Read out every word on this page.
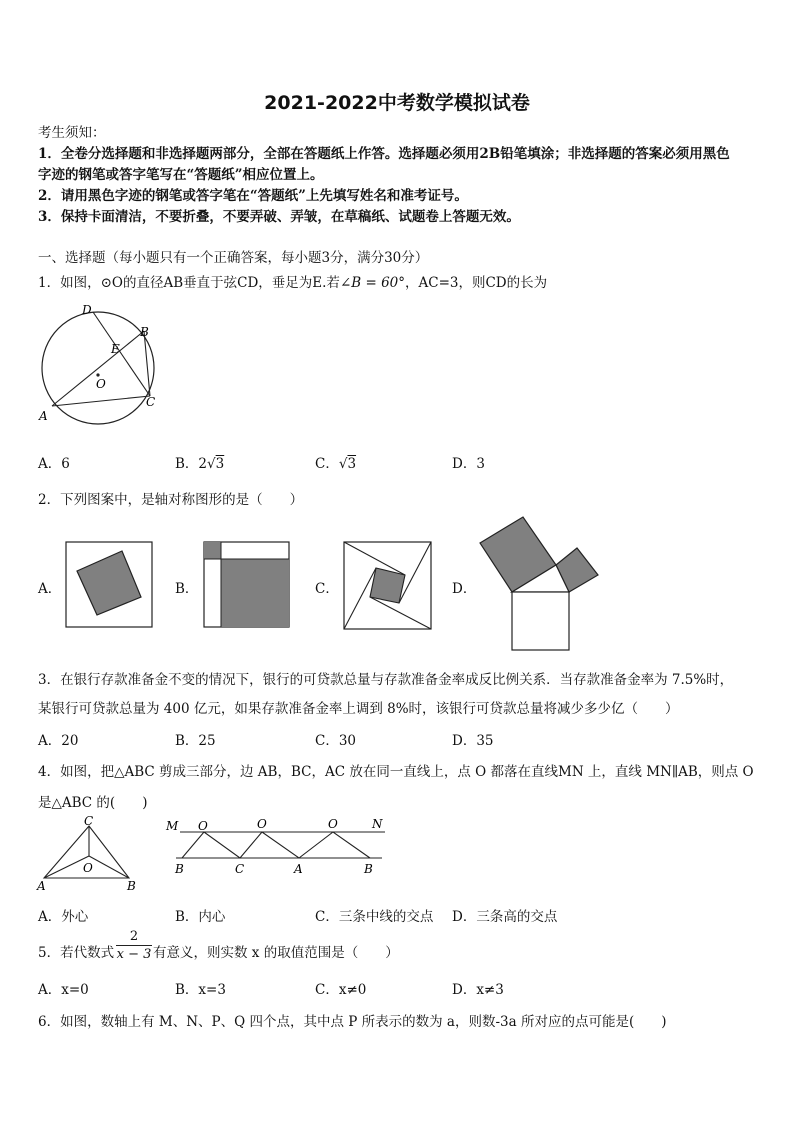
2021-2022中考数学模拟试卷
考生须知：
1．全卷分选择题和非选择题两部分，全部在答题纸上作答。选择题必须用2B铅笔填涂；非选择题的答案必须用黑色
字迹的钢笔或答字笔写在“答题纸”相应位置上。
2．请用黑色字迹的钢笔或答字笔在“答题纸”上先填写姓名和准考证号。
3．保持卡面清洁，不要折叠，不要弄破、弄皱，在草稿纸、试题卷上答题无效。
一、选择题（每小题只有一个正确答案，每小题3分，满分30分）
1．如图，⊙O的直径AB垂直于弦CD，垂足为E.若∠B = 60°，AC=3，则CD的长为
D
B
E
O
A
C
A．6	B．2√3	C．√3	D．3
2．下列图案中，是轴对称图形的是（　　）
A．	B．	C．	D．
3．在银行存款准备金不变的情况下，银行的可贷款总量与存款准备金率成反比例关系．当存款准备金率为 7.5%时，
某银行可贷款总量为 400 亿元，如果存款准备金率上调到 8%时，该银行可贷款总量将减少多少亿（　　）
A．20	B．25	C．30	D．35
4．如图，把△ABC 剪成三部分，边 AB，BC，AC 放在同一直线上，点 O 都落在直线MN 上，直线 MN∥AB，则点 O
是△ABC 的(　　)
C
O
A	B
M O	O	O	N
B	C	A	B
A．外心	B．内心	C．三条中线的交点 D．三条高的交点
5．若代数式 $\frac{2}{x - 3}$ 有意义，则实数 x 的取值范围是（　　）
A．x=0	B．x=3	C．x≠0	D．x≠3
6．如图，数轴上有 M、N、P、Q 四个点，其中点 P 所表示的数为 a，则数-3a 所对应的点可能是(　　)
